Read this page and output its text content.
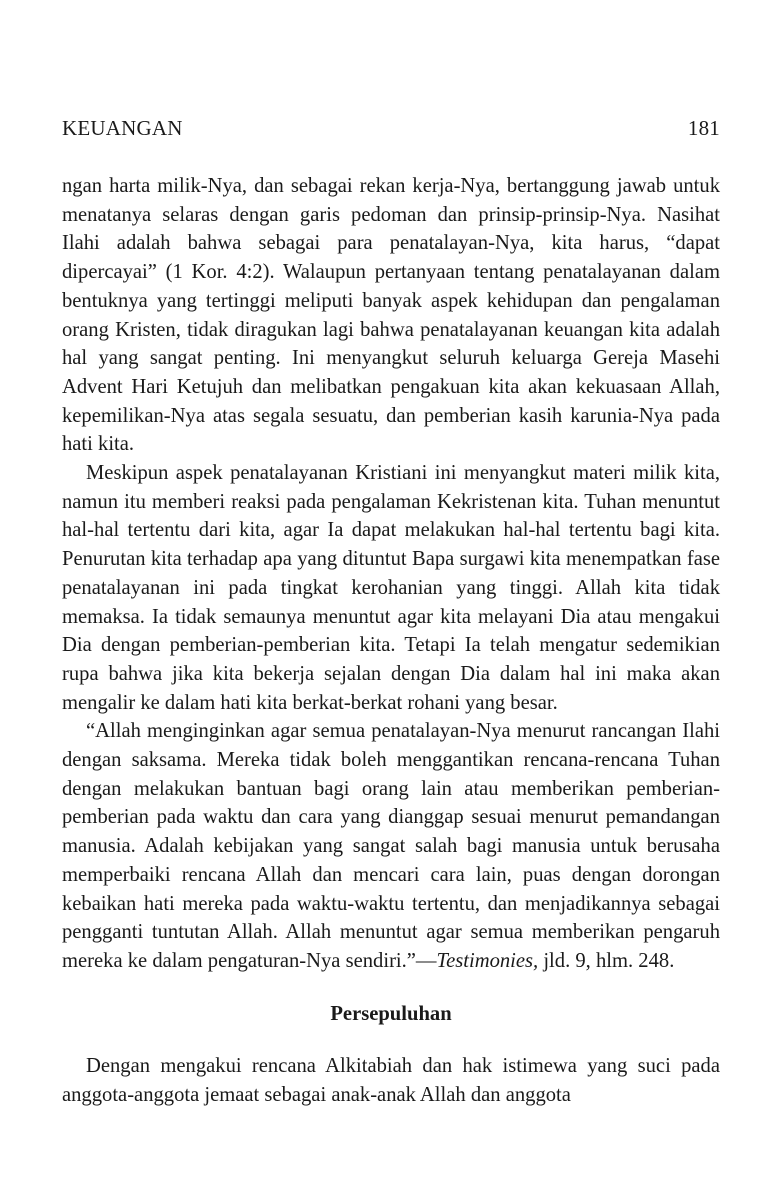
KEUANGAN	181

ngan harta milik-Nya, dan sebagai rekan kerja-Nya, bertanggung jawab untuk menatanya selaras dengan garis pedoman dan prinsip-prinsip-Nya. Nasihat Ilahi adalah bahwa sebagai para penatalayan-Nya, kita harus, “dapat dipercayai” (1 Kor. 4:2). Walaupun pertanyaan tentang penatalayanan dalam bentuknya yang tertinggi meliputi banyak aspek kehidupan dan pengalaman orang Kristen, tidak diragukan lagi bahwa penatalayanan keuangan kita adalah hal yang sangat penting. Ini menyangkut seluruh keluarga Gereja Masehi Advent Hari Ketujuh dan melibatkan pengakuan kita akan kekuasaan Allah, kepemilikan-Nya atas segala sesuatu, dan pemberian kasih karunia-Nya pada hati kita.

Meskipun aspek penatalayanan Kristiani ini menyangkut materi milik kita, namun itu memberi reaksi pada pengalaman Kekristenan kita. Tuhan menuntut hal-hal tertentu dari kita, agar Ia dapat melakukan hal-hal tertentu bagi kita. Penurutan kita terhadap apa yang dituntut Bapa surgawi kita menempatkan fase penatalayanan ini pada tingkat kerohanian yang tinggi. Allah kita tidak memaksa. Ia tidak semaunya menuntut agar kita melayani Dia atau mengakui Dia dengan pemberian-pemberian kita. Tetapi Ia telah mengatur sedemikian rupa bahwa jika kita bekerja sejalan dengan Dia dalam hal ini maka akan mengalir ke dalam hati kita berkat-berkat rohani yang besar.

“Allah menginginkan agar semua penatalayan-Nya menurut rancangan Ilahi dengan saksama. Mereka tidak boleh menggantikan rencana-rencana Tuhan dengan melakukan bantuan bagi orang lain atau memberikan pemberian-pemberian pada waktu dan cara yang dianggap sesuai menurut pemandangan manusia. Adalah kebijakan yang sangat salah bagi manusia untuk berusaha memperbaiki rencana Allah dan mencari cara lain, puas dengan dorongan kebaikan hati mereka pada waktu-waktu tertentu, dan menjadikannya sebagai pengganti tuntutan Allah. Allah menuntut agar semua memberikan pengaruh mereka ke dalam pengaturan-Nya sendiri.”—Testimonies, jld. 9, hlm. 248.

Persepuluhan

Dengan mengakui rencana Alkitabiah dan hak istimewa yang suci pada anggota-anggota jemaat sebagai anak-anak Allah dan anggota
